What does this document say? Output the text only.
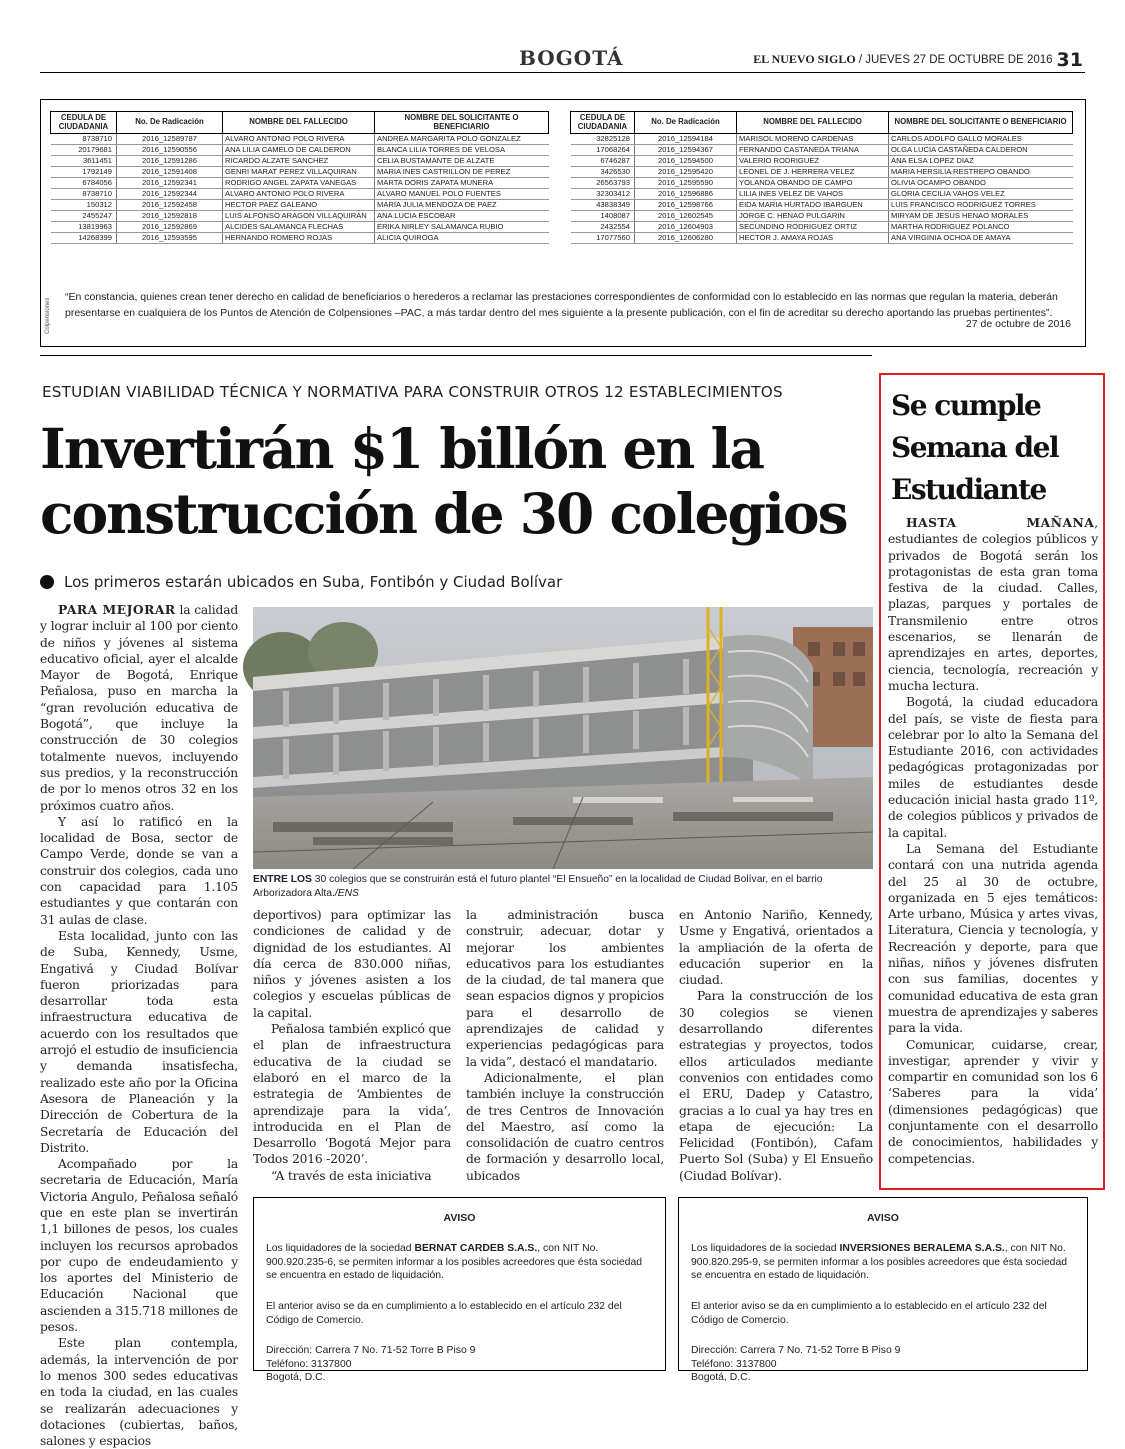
BOGOTÁ	EL NUEVO SIGLO / JUEVES 27 DE OCTUBRE DE 2016 31
Colpensiones
CEDULA DE CIUDADANIA	No. De Radicación	NOMBRE DEL FALLECIDO	NOMBRE DEL SOLICITANTE O BENEFICIARIO
8738710	2016_12589787	ALVARO ANTONIO POLO RIVERA	ANDREA MARGARITA POLO GONZALEZ
20179681	2016_12590556	ANA LILIA CAMELO DE CALDERON	BLANCA LILIA TORRES DE VELOSA
3611451	2016_12591286	RICARDO ALZATE SANCHEZ	CELIA BUSTAMANTE DE ALZATE
1792149	2016_12591408	GENRI MARAT PEREZ VILLAQUIRAN	MARIA INES CASTRILLON DE PEREZ
6784056	2016_12592341	RODRIGO ANGEL ZAPATA VANEGAS	MARTA DORIS ZAPATA MUNERA
8738710	2016_12592344	ALVARO ANTONIO POLO RIVERA	ALVARO MANUEL POLO FUENTES
150312	2016_12592458	HECTOR PAEZ GALEANO	MARIA JULIA MENDOZA DE PAEZ
2455247	2016_12592818	LUIS ALFONSO ARAGON VILLAQUIRAN	ANA LUCIA ESCOBAR
13819963	2016_12592869	ALCIDES SALAMANCA FLECHAS	ERIKA NIRLEY SALAMANCA RUBIO
14268399	2016_12593595	HERNANDO ROMERO ROJAS	ALICIA QUIROGA
CEDULA DE CIUDADANIA	No. De Radicación	NOMBRE DEL FALLECIDO	NOMBRE DEL SOLICITANTE O BENEFICIARIO
32825128	2016_12594184	MARISOL MORENO CARDENAS	CARLOS ADOLFO GALLO MORALES
17068264	2016_12594367	FERNANDO CASTANEDA TRIANA	OLGA LUCIA CASTAÑEDA CALDERON
6746287	2016_12594500	VALERIO RODRIGUEZ	ANA ELSA LOPEZ DIAZ
3426530	2016_12595420	LEONEL DE J. HERRERA VELEZ	MARIA HERSILIA RESTREPO OBANDO
26563793	2016_12595590	YOLANDA OBANDO DE CAMPO	OLIVIA OCAMPO OBANDO
32303412	2016_12596886	LILIA INES VELEZ DE VAHOS	GLORIA CECILIA VAHOS VELEZ
43838349	2016_12598766	EIDA MARIA HURTADO IBARGUEN	LUIS FRANCISCO RODRIGUEZ TORRES
1408087	2016_12602545	JORGE C. HENAO PULGARIN	MIRYAM DE JESUS HENAO MORALES
2432554	2016_12604903	SECUNDINO RODRIGUEZ ORTIZ	MARTHA RODRIGUEZ POLANCO
17077560	2016_12606280	HECTOR J. AMAYA ROJAS	ANA VIRGINIA OCHOA DE AMAYA
“En constancia, quienes crean tener derecho en calidad de beneficiarios o herederos a reclamar las prestaciones correspondientes de conformidad con lo establecido en las normas que regulan la materia, deberán presentarse en cualquiera de los Puntos de Atención de Colpensiones –PAC, a más tardar dentro del mes siguiente a la presente publicación, con el fin de acreditar su derecho aportando las pruebas pertinentes”.
27 de octubre de 2016
ESTUDIAN VIABILIDAD TÉCNICA Y NORMATIVA PARA CONSTRUIR OTROS 12 ESTABLECIMIENTOS
Invertirán $1 billón en la construcción de 30 colegios
Los primeros estarán ubicados en Suba, Fontibón y Ciudad Bolívar

PARA MEJORAR la calidad y lograr incluir al 100 por ciento de niños y jóvenes al sistema educativo oficial, ayer el alcalde Mayor de Bogotá, Enrique Peñalosa, puso en marcha la “gran revolución educativa de Bogotá”, que incluye la construcción de 30 colegios totalmente nuevos, incluyendo sus predios, y la reconstrucción de por lo menos otros 32 en los próximos cuatro años.

Y así lo ratificó en la localidad de Bosa, sector de Campo Verde, donde se van a construir dos colegios, cada uno con capacidad para 1.105 estudiantes y que contarán con 31 aulas de clase.

Esta localidad, junto con las de Suba, Kennedy, Usme, Engativá y Ciudad Bolívar fueron priorizadas para desarrollar toda esta infraestructura educativa de acuerdo con los resultados que arrojó el estudio de insuficiencia y demanda insatisfecha, realizado este año por la Oficina Asesora de Planeación y la Dirección de Cobertura de la Secretaría de Educación del Distrito.

Acompañado por la secretaria de Educación, María Victoria Angulo, Peñalosa señaló que en este plan se invertirán 1,1 billones de pesos, los cuales incluyen los recursos aprobados por cupo de endeudamiento y los aportes del Ministerio de Educación Nacional que ascienden a 315.718 millones de pesos.

Este plan contempla, además, la intervención de por lo menos 300 sedes educativas en toda la ciudad, en las cuales se realizarán adecuaciones y dotaciones (cubiertas, baños, salones y espacios

ENTRE LOS 30 colegios que se construirán está el futuro plantel “El Ensueño” en la localidad de Ciudad Bolívar, en el barrio Arborizadora Alta./ENS

deportivos) para optimizar las condiciones de calidad y de dignidad de los estudiantes. Al día cerca de 830.000 niñas, niños y jóvenes asisten a los colegios y escuelas públicas de la capital.

Peñalosa también explicó que el plan de infraestructura educativa de la ciudad se elaboró en el marco de la estrategia de ‘Ambientes de aprendizaje para la vida’, introducida en el Plan de Desarrollo ‘Bogotá Mejor para Todos 2016 -2020’.

“A través de esta iniciativa

la administración busca construir, adecuar, dotar y mejorar los ambientes educativos para los estudiantes de la ciudad, de tal manera que sean espacios dignos y propicios para el desarrollo de aprendizajes de calidad y experiencias pedagógicas para la vida”, destacó el mandatario.

Adicionalmente, el plan también incluye la construcción de tres Centros de Innovación del Maestro, así como la consolidación de cuatro centros de formación y desarrollo local, ubicados

en Antonio Nariño, Kennedy, Usme y Engativá, orientados a la ampliación de la oferta de educación superior en la ciudad.

Para la construcción de los 30 colegios se vienen desarrollando diferentes estrategias y proyectos, todos ellos articulados mediante convenios con entidades como el ERU, Dadep y Catastro, gracias a lo cual ya hay tres en etapa de ejecución: La Felicidad (Fontibón), Cafam Puerto Sol (Suba) y El Ensueño (Ciudad Bolívar).

Se cumple Semana del Estudiante

HASTA MAÑANA, estudiantes de colegios públicos y privados de Bogotá serán los protagonistas de esta gran toma festiva de la ciudad. Calles, plazas, parques y portales de Transmilenio entre otros escenarios, se llenarán de aprendizajes en artes, deportes, ciencia, tecnología, recreación y mucha lectura.

Bogotá, la ciudad educadora del país, se viste de fiesta para celebrar por lo alto la Semana del Estudiante 2016, con actividades pedagógicas protagonizadas por miles de estudiantes desde educación inicial hasta grado 11º, de colegios públicos y privados de la capital.

La Semana del Estudiante contará con una nutrida agenda del 25 al 30 de octubre, organizada en 5 ejes temáticos: Arte urbano, Música y artes vivas, Literatura, Ciencia y tecnología, y Recreación y deporte, para que niñas, niños y jóvenes disfruten con sus familias, docentes y comunidad educativa de esta gran muestra de aprendizajes y saberes para la vida.

Comunicar, cuidarse, crear, investigar, aprender y vivir y compartir en comunidad son los 6 ‘Saberes para la vida’ (dimensiones pedagógicas) que conjuntamente con el desarrollo de conocimientos, habilidades y competencias.

AVISO
Los liquidadores de la sociedad BERNAT CARDEB S.A.S., con NIT No. 900.920.235-6, se permiten informar a los posibles acreedores que ésta sociedad se encuentra en estado de liquidación.
El anterior aviso se da en cumplimiento a lo establecido en el artículo 232 del Código de Comercio.
Dirección: Carrera 7 No. 71-52 Torre B Piso 9
Teléfono: 3137800
Bogotá, D.C.
AVISO
Los liquidadores de la sociedad INVERSIONES BERALEMA S.A.S., con NIT No. 900.820.295-9, se permiten informar a los posibles acreedores que ésta sociedad se encuentra en estado de liquidación.
El anterior aviso se da en cumplimiento a lo establecido en el artículo 232 del Código de Comercio.
Dirección: Carrera 7 No. 71-52 Torre B Piso 9
Teléfono: 3137800
Bogotá, D.C.
